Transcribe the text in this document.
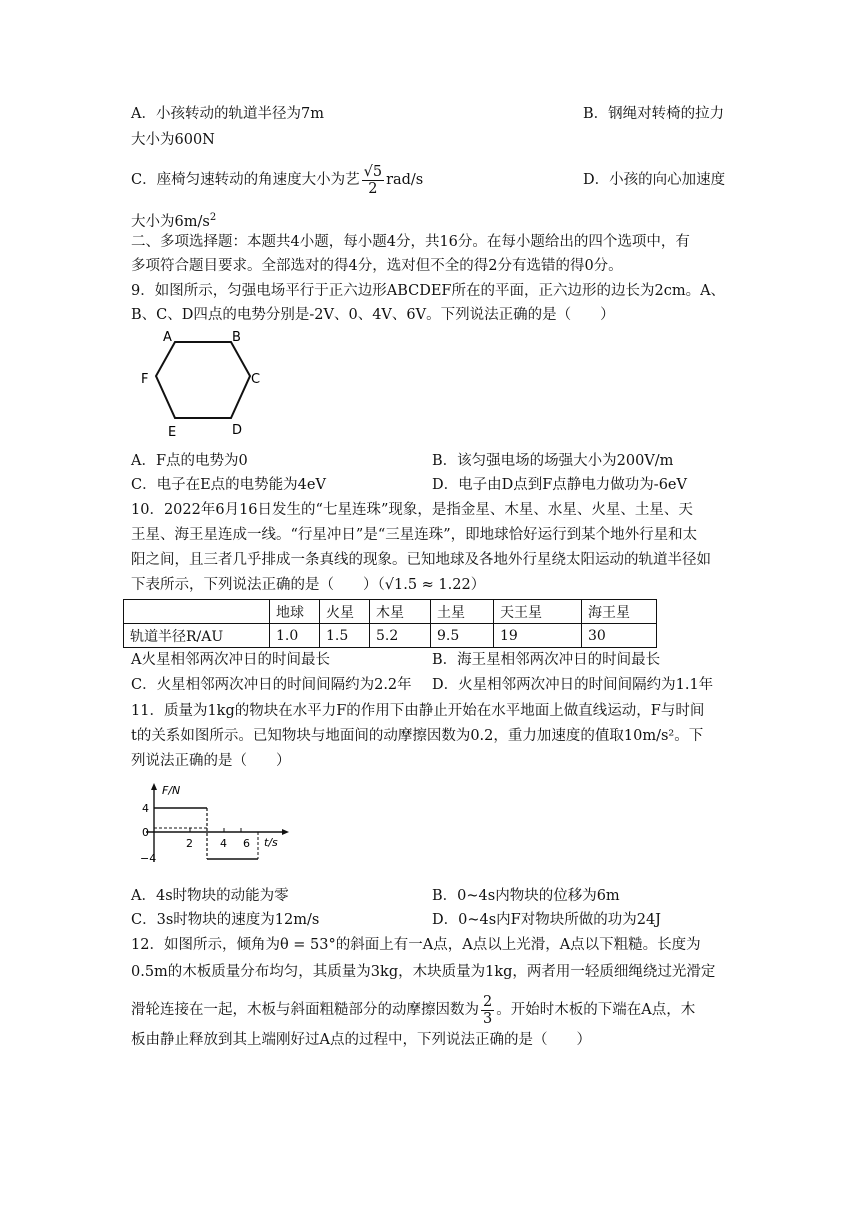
A．小孩转动的轨道半径为7m	B．钢绳对转椅的拉力
大小为600N
C．座椅匀速转动的角速度大小为艺 $\frac{√5}{2} rad/s$	D．小孩的向心加速度
大小为$6m/s^2$
二、多项选择题：本题共4小题，每小题4分，共16分。在每小题给出的四个选项中，有
多项符合题目要求。全部选对的得4分，选对但不全的得2分有选错的得0分。
9．如图所示，匀强电场平行于正六边形ABCDEF所在的平面，正六边形的边长为2cm。A、
B、C、D四点的电势分别是-2V、0、4V、6V。下列说法正确的是（　　）
A	B
C
D
E
F
A．F点的电势为0	B．该匀强电场的场强大小为200V/m
C．电子在E点的电势能为4eV	D．电子由D点到F点静电力做功为-6eV
10．2022年6月16日发生的“七星连珠”现象，是指金星、木星、水星、火星、土星、天
王星、海王星连成一线。“行星冲日”是“三星连珠”，即地球恰好运行到某个地外行星和太
阳之间，且三者几乎排成一条真线的现象。已知地球及各地外行星绕太阳运动的轨道半径如
下表所示，下列说法正确的是（　　）（√1.5 ≈ 1.22）
	地球	火星	木星	土星	天王星	海王星
轨道半径R/AU	1.0	1.5	5.2	9.5	19	30
A火星相邻两次冲日的时间最长	B．海王星相邻两次冲日的时间最长
C．火星相邻两次冲日的时间间隔约为2.2年 D．火星相邻两次冲日的时间间隔约为1.1年
11．质量为1kg的物块在水平力F的作用下由静止开始在水平地面上做直线运动，F与时间
t的关系如图所示。已知物块与地面间的动摩擦因数为0.2，重力加速度的值取10m/s²。下
列说法正确的是（　　）
F/N
t/s
4
0
−4
2 4 6
A．4s时物块的动能为零	B．0~4s内物块的位移为6m
C．3s时物块的速度为12m/s	D．0~4s内F对物块所做的功为24J
12．如图所示，倾角为θ = 53°的斜面上有一A点，A点以上光滑，A点以下粗糙。长度为
0.5m的木板质量分布均匀，其质量为3kg，木块质量为1kg，两者用一轻质细绳绕过光滑定
滑轮连接在一起，木板与斜面粗糙部分的动摩擦因数为 $\frac{2}{3}$ 。开始时木板的下端在A点，木
板由静止释放到其上端刚好过A点的过程中，下列说法正确的是（　　）
